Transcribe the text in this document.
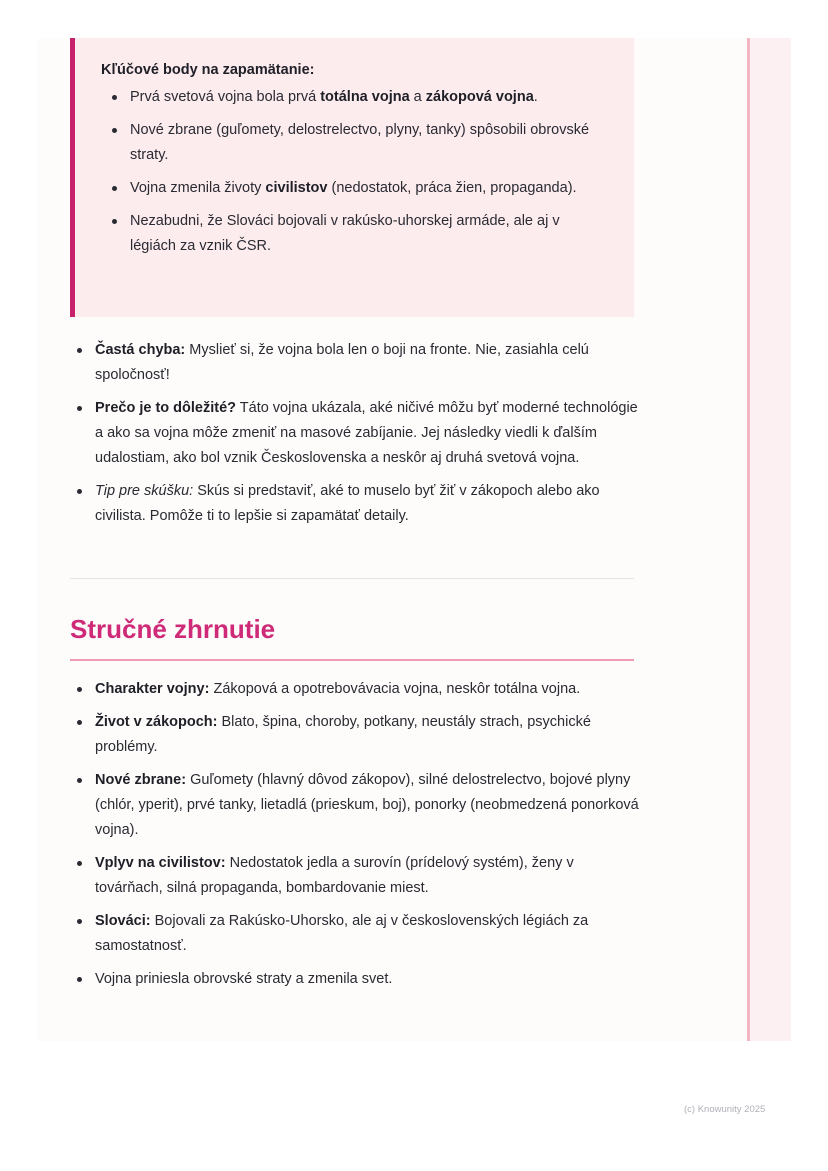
Kľúčové body na zapamätanie:

Prvá svetová vojna bola prvá totálna vojna a zákopová vojna.
Nové zbrane (guľomety, delostrelectvo, plyny, tanky) spôsobili obrovské straty.
Vojna zmenila životy civilistov (nedostatok, práca žien, propaganda).
Nezabudni, že Slováci bojovali v rakúsko-uhorskej armáde, ale aj v légiách za vznik ČSR.
Častá chyba: Myslieť si, že vojna bola len o boji na fronte. Nie, zasiahla celú spoločnosť!
Prečo je to dôležité? Táto vojna ukázala, aké ničivé môžu byť moderné technológie a ako sa vojna môže zmeniť na masové zabíjanie. Jej následky viedli k ďalším udalostiam, ako bol vznik Československa a neskôr aj druhá svetová vojna.
Tip pre skúšku: Skús si predstaviť, aké to muselo byť žiť v zákopoch alebo ako civilista. Pomôže ti to lepšie si zapamätať detaily.
Stručné zhrnutie
Charakter vojny: Zákopová a opotrebovávacia vojna, neskôr totálna vojna.
Život v zákopoch: Blato, špina, choroby, potkany, neustály strach, psychické problémy.
Nové zbrane: Guľomety (hlavný dôvod zákopov), silné delostrelectvo, bojové plyny (chlór, yperit), prvé tanky, lietadlá (prieskum, boj), ponorky (neobmedzená ponorková vojna).
Vplyv na civilistov: Nedostatok jedla a surovín (prídelový systém), ženy v továrňach, silná propaganda, bombardovanie miest.
Slováci: Bojovali za Rakúsko-Uhorsko, ale aj v československých légiách za samostatnosť.
Vojna priniesla obrovské straty a zmenila svet.
(c) Knowunity 2025
